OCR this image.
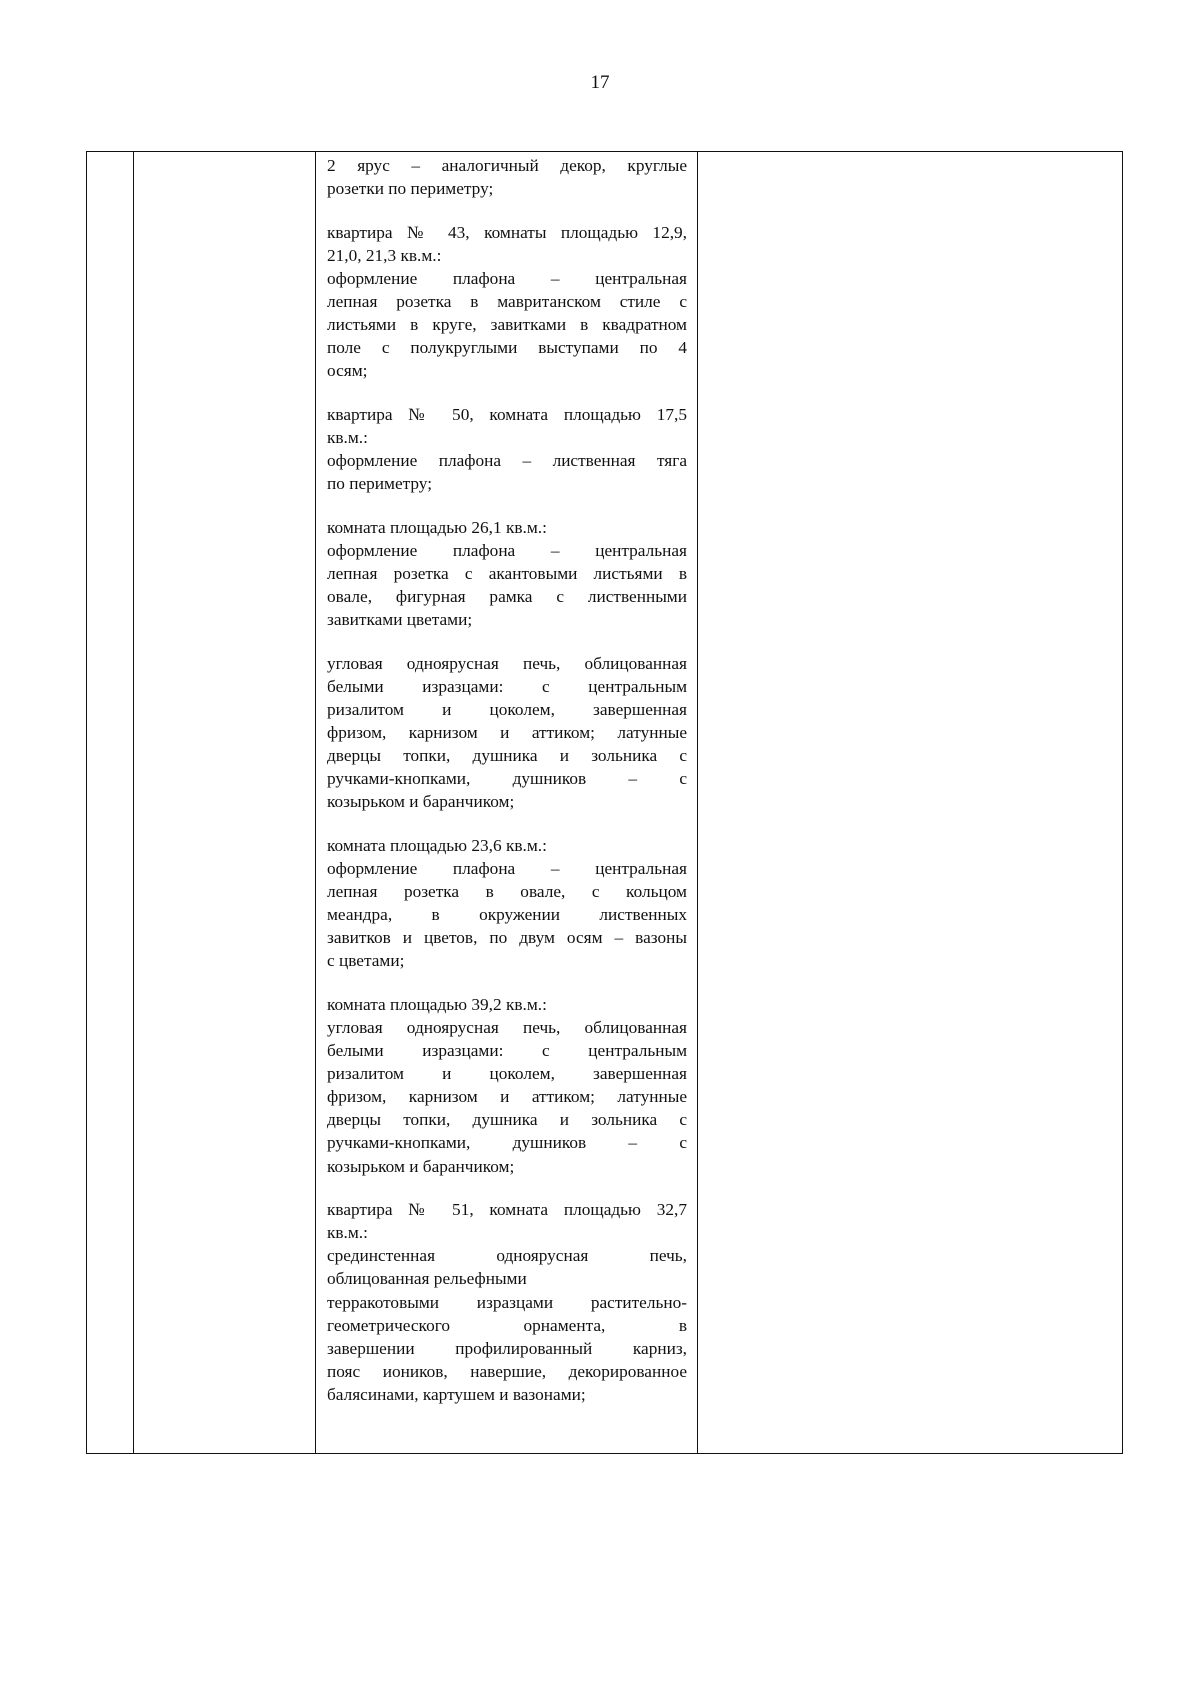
17
2 ярус – аналогичный декор, круглые
розетки по периметру;
квартира № 43, комнаты площадью 12,9,
21,0, 21,3 кв.м.:
оформление плафона – центральная
лепная розетка в мавританском стиле с
листьями в круге, завитками в квадратном
поле с полукруглыми выступами по 4
осям;
квартира № 50, комната площадью 17,5
кв.м.:
оформление плафона – лиственная тяга
по периметру;
комната площадью 26,1 кв.м.:
оформление плафона – центральная
лепная розетка с акантовыми листьями в
овале, фигурная рамка с лиственными
завитками цветами;
угловая одноярусная печь, облицованная
белыми изразцами: с центральным
ризалитом и цоколем, завершенная
фризом, карнизом и аттиком; латунные
дверцы топки, душника и зольника с
ручками-кнопками, душников – с
козырьком и баранчиком;
комната площадью 23,6 кв.м.:
оформление плафона – центральная
лепная розетка в овале, с кольцом
меандра, в окружении лиственных
завитков и цветов, по двум осям – вазоны
с цветами;
комната площадью 39,2 кв.м.:
угловая одноярусная печь, облицованная
белыми изразцами: с центральным
ризалитом и цоколем, завершенная
фризом, карнизом и аттиком; латунные
дверцы топки, душника и зольника с
ручками-кнопками, душников – с
козырьком и баранчиком;
квартира № 51, комната площадью 32,7
кв.м.:
срединстенная одноярусная печь,
облицованная рельефными
терракотовыми изразцами растительно-
геометрического орнамента, в
завершении профилированный карниз,
пояс иоников, навершие, декорированное
балясинами, картушем и вазонами;
